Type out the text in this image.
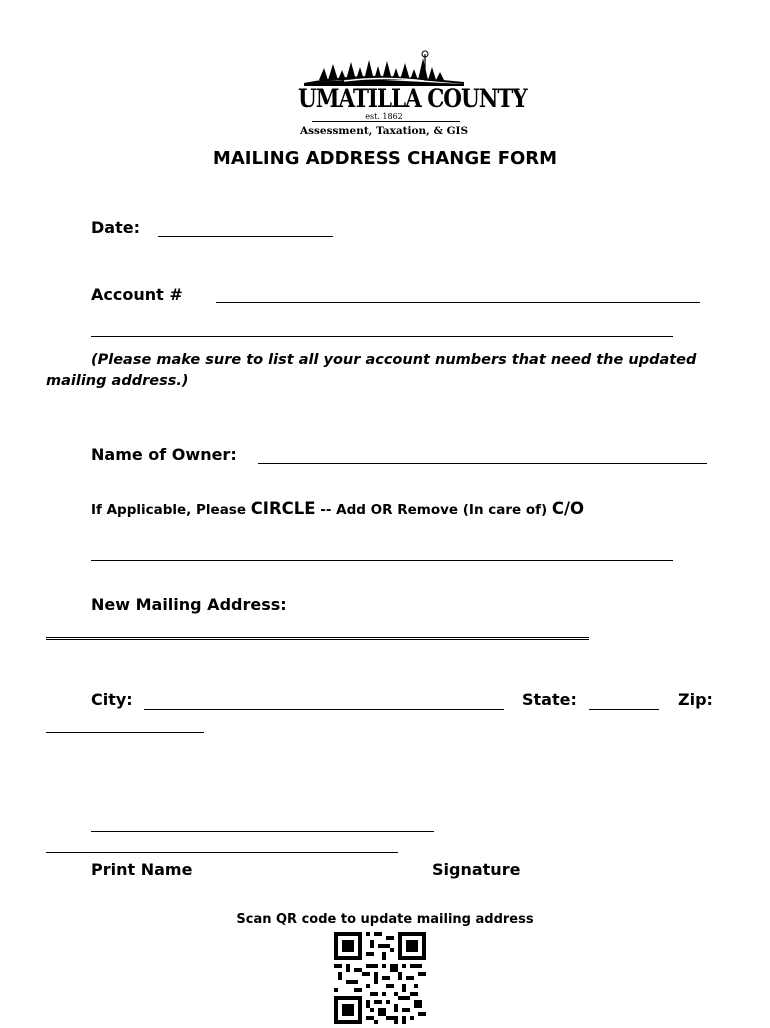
UMATILLA COUNTY
est. 1862
Assessment, Taxation, & GIS
MAILING ADDRESS CHANGE FORM
Date:
Account #
(Please make sure to list all your account numbers that need the updated
mailing address.)
Name of Owner:
If Applicable, Please CIRCLE -- Add OR Remove (In care of) C/O
New Mailing Address:
City:	State:	Zip:
Print Name	Signature
Scan QR code to update mailing address
